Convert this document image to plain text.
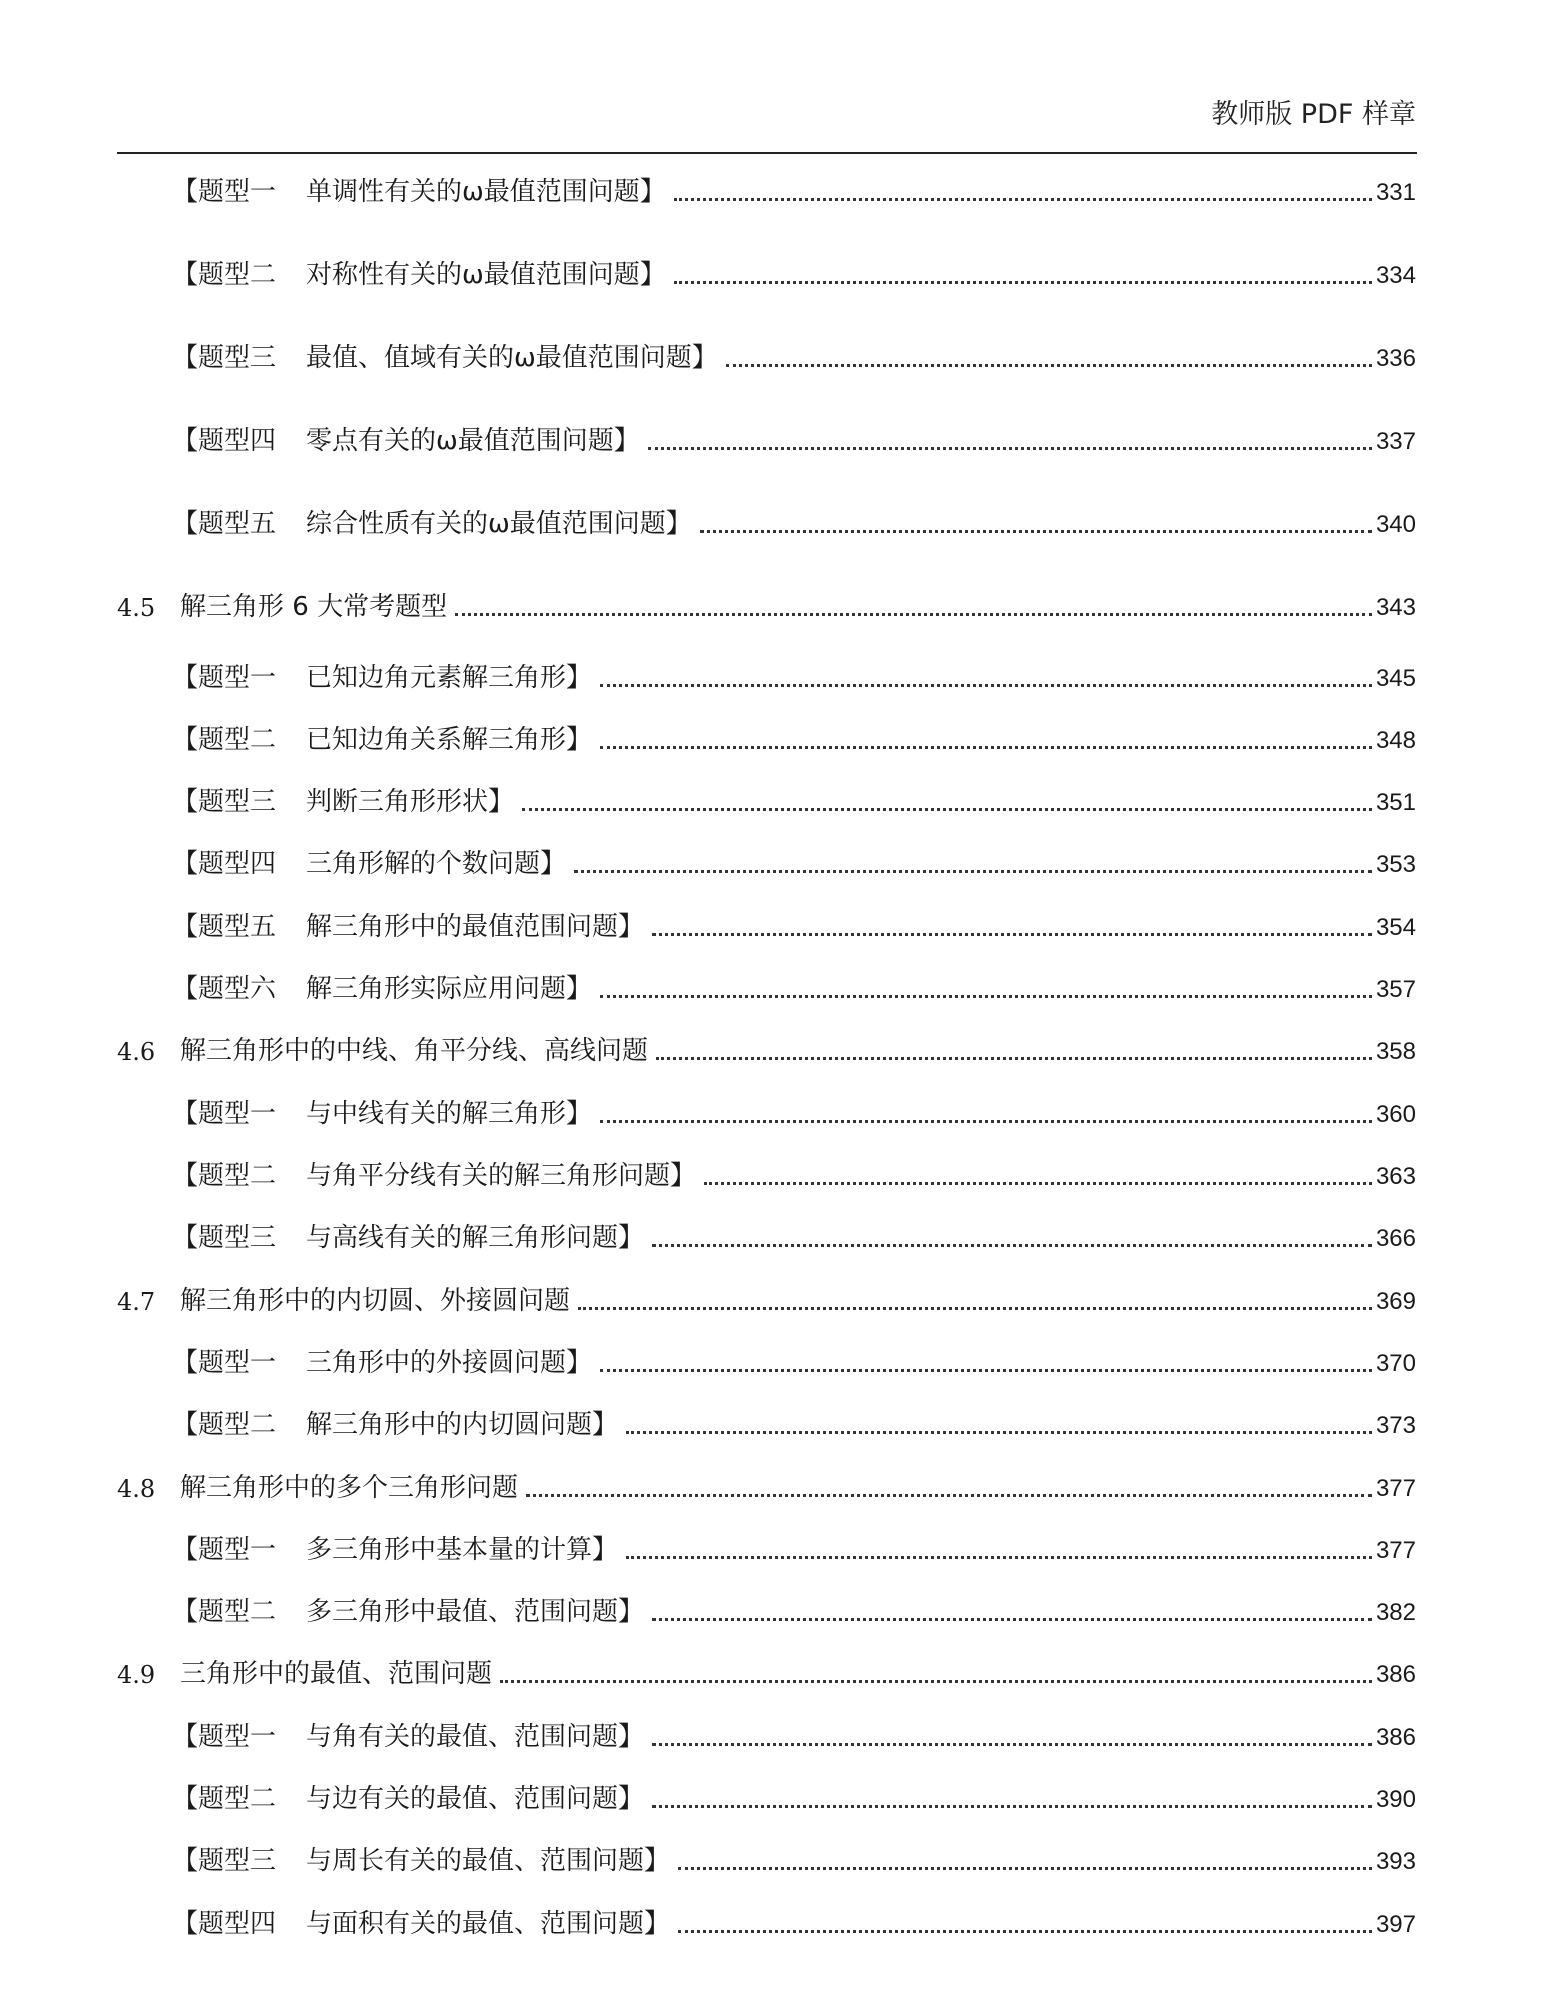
教师版 PDF 样章
【题型一 单调性有关的ω最值范围问题】	331
【题型二 对称性有关的ω最值范围问题】	334
【题型三 最值、值域有关的ω最值范围问题】	336
【题型四 零点有关的ω最值范围问题】	337
【题型五 综合性质有关的ω最值范围问题】	340
4.5 解三角形 6 大常考题型	343
【题型一 已知边角元素解三角形】	345
【题型二 已知边角关系解三角形】	348
【题型三 判断三角形形状】	351
【题型四 三角形解的个数问题】	353
【题型五 解三角形中的最值范围问题】	354
【题型六 解三角形实际应用问题】	357
4.6 解三角形中的中线、角平分线、高线问题	358
【题型一 与中线有关的解三角形】	360
【题型二 与角平分线有关的解三角形问题】	363
【题型三 与高线有关的解三角形问题】	366
4.7 解三角形中的内切圆、外接圆问题	369
【题型一 三角形中的外接圆问题】	370
【题型二 解三角形中的内切圆问题】	373
4.8 解三角形中的多个三角形问题	377
【题型一 多三角形中基本量的计算】	377
【题型二 多三角形中最值、范围问题】	382
4.9 三角形中的最值、范围问题	386
【题型一 与角有关的最值、范围问题】	386
【题型二 与边有关的最值、范围问题】	390
【题型三 与周长有关的最值、范围问题】	393
【题型四 与面积有关的最值、范围问题】	397
